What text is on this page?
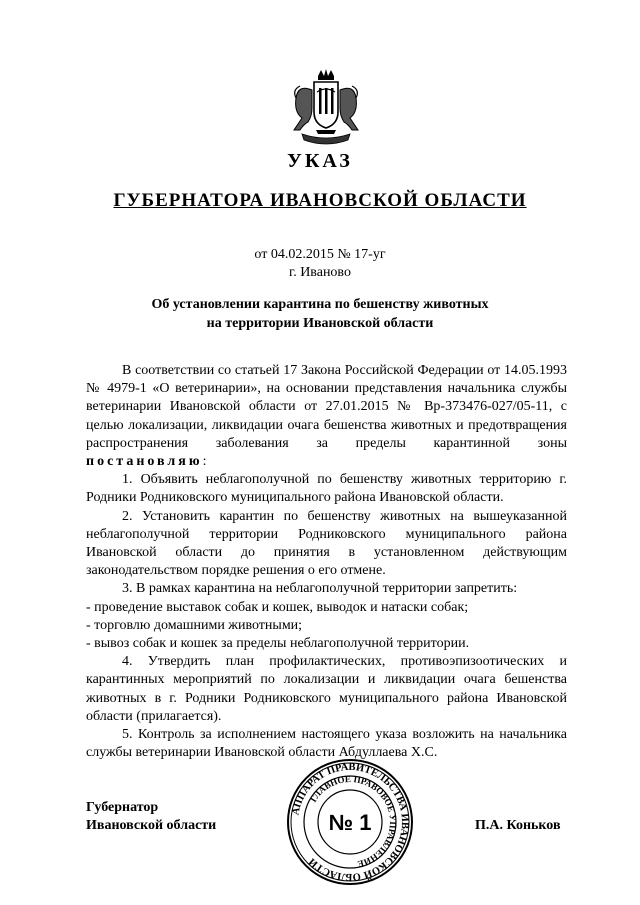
УКАЗ
ГУБЕРНАТОРА ИВАНОВСКОЙ ОБЛАСТИ
от 04.02.2015 № 17-уг
г. Иваново
Об установлении карантина по бешенству животных
на территории Ивановской области

В соответствии со статьей 17 Закона Российской Федерации от 14.05.1993 № 4979-1 «О ветеринарии», на основании представления начальника службы ветеринарии Ивановской области от 27.01.2015 № Вр-373476-027/05-11, с целью локализации, ликвидации очага бешенства животных и предотвращения распространения заболевания за пределы карантинной зоны постановляю:

1. Объявить неблагополучной по бешенству животных территорию г. Родники Родниковского муниципального района Ивановской области.

2. Установить карантин по бешенству животных на вышеуказанной неблагополучной территории Родниковского муниципального района Ивановской области до принятия в установленном действующим законодательством порядке решения о его отмене.

3. В рамках карантина на неблагополучной территории запретить:

- проведение выставок собак и кошек, выводок и натаски собак;

- торговлю домашними животными;

- вывоз собак и кошек за пределы неблагополучной территории.

4. Утвердить план профилактических, противоэпизоотических и карантинных мероприятий по локализации и ликвидации очага бешенства животных в г. Родники Родниковского муниципального района Ивановской области (прилагается).

5. Контроль за исполнением настоящего указа возложить на начальника службы ветеринарии Ивановской области Абдуллаева Х.С.

Губернатор
Ивановской области	П.А. Коньков
АППАРАТ ПРАВИТЕЛЬСТВА ИВАНОВСКОЙ ОБЛАСТИ
ГЛАВНОЕ ПРАВОВОЕ УПРАВЛЕНИЕ
№ 1
